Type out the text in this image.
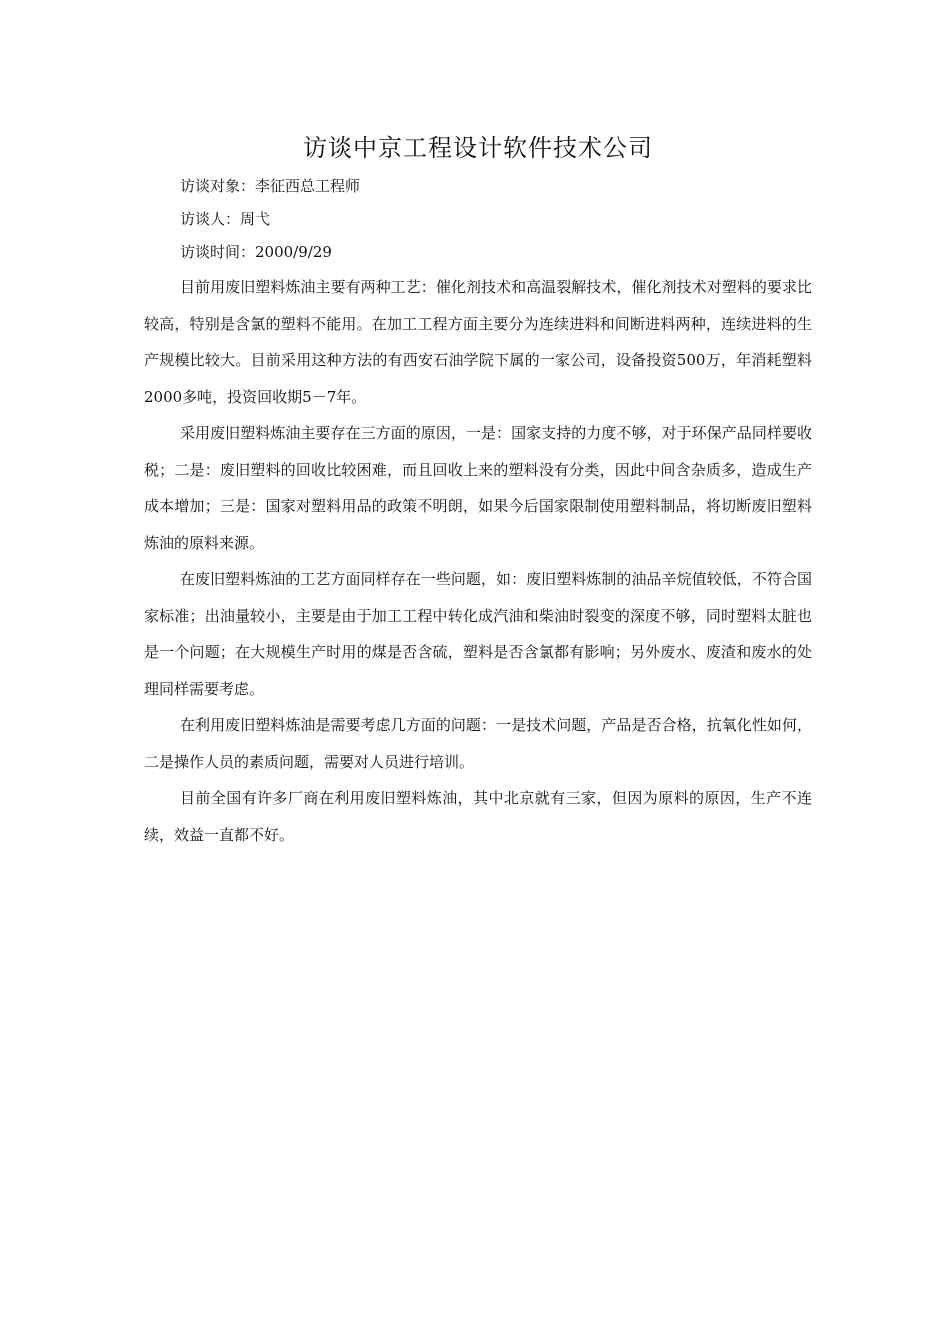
访谈中京工程设计软件技术公司

访谈对象：李征西总工程师

访谈人：周弋

访谈时间：2000/9/29

目前用废旧塑料炼油主要有两种工艺：催化剂技术和高温裂解技术，催化剂技术对塑料的要求比较高，特别是含氯的塑料不能用。在加工工程方面主要分为连续进料和间断进料两种，连续进料的生产规模比较大。目前采用这种方法的有西安石油学院下属的一家公司，设备投资500万，年消耗塑料2000多吨，投资回收期5－7年。

采用废旧塑料炼油主要存在三方面的原因，一是：国家支持的力度不够，对于环保产品同样要收税；二是：废旧塑料的回收比较困难，而且回收上来的塑料没有分类，因此中间含杂质多，造成生产成本增加；三是：国家对塑料用品的政策不明朗，如果今后国家限制使用塑料制品，将切断废旧塑料炼油的原料来源。

在废旧塑料炼油的工艺方面同样存在一些问题，如：废旧塑料炼制的油品辛烷值较低，不符合国家标准；出油量较小，主要是由于加工工程中转化成汽油和柴油时裂变的深度不够，同时塑料太脏也是一个问题；在大规模生产时用的煤是否含硫，塑料是否含氯都有影响；另外废水、废渣和废水的处理同样需要考虑。

在利用废旧塑料炼油是需要考虑几方面的问题：一是技术问题，产品是否合格，抗氧化性如何，二是操作人员的素质问题，需要对人员进行培训。

目前全国有许多厂商在利用废旧塑料炼油，其中北京就有三家，但因为原料的原因，生产不连续，效益一直都不好。
